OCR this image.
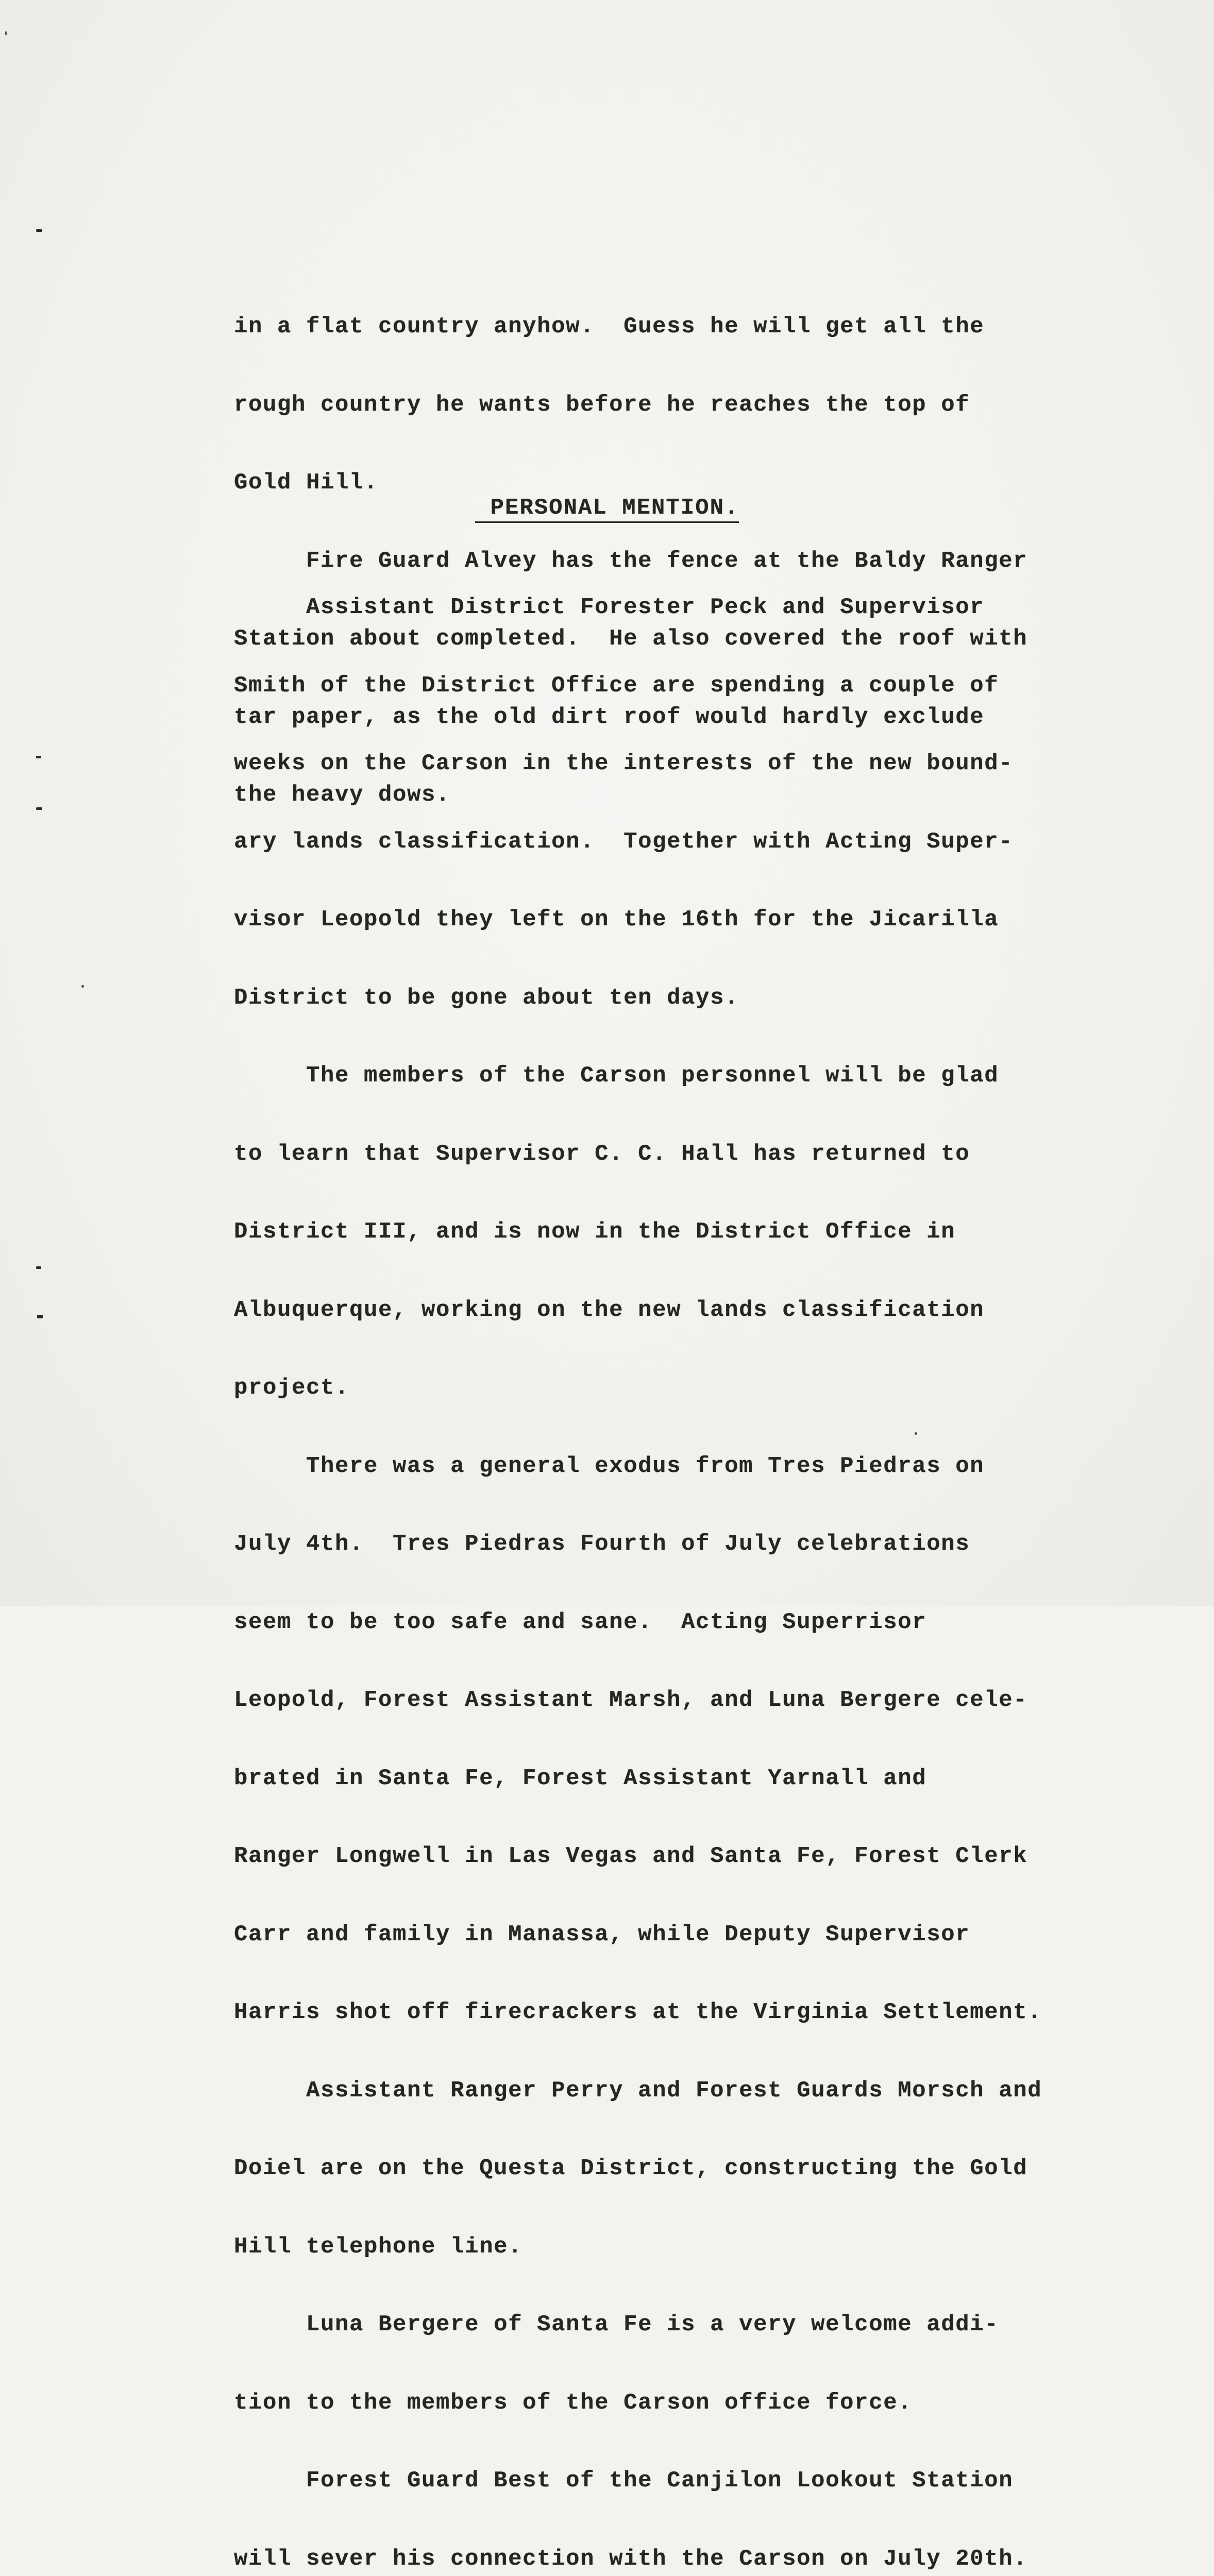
in a flat country anyhow.  Guess he will get all the

rough country he wants before he reaches the top of

Gold Hill.

Fire Guard Alvey has the fence at the Baldy Ranger

Station about completed.  He also covered the roof with

tar paper, as the old dirt roof would hardly exclude

the heavy dows.

PERSONAL MENTION.

Assistant District Forester Peck and Supervisor

Smith of the District Office are spending a couple of

weeks on the Carson in the interests of the new bound-

ary lands classification.  Together with Acting Super-

visor Leopold they left on the 16th for the Jicarilla

District to be gone about ten days.

The members of the Carson personnel will be glad

to learn that Supervisor C. C. Hall has returned to

District III, and is now in the District Office in

Albuquerque, working on the new lands classification

project.

There was a general exodus from Tres Piedras on

July 4th.  Tres Piedras Fourth of July celebrations

seem to be too safe and sane.  Acting Superrisor

Leopold, Forest Assistant Marsh, and Luna Bergere cele-

brated in Santa Fe, Forest Assistant Yarnall and

Ranger Longwell in Las Vegas and Santa Fe, Forest Clerk

Carr and family in Manassa, while Deputy Supervisor

Harris shot off firecrackers at the Virginia Settlement.

Assistant Ranger Perry and Forest Guards Morsch and

Doiel are on the Questa District, constructing the Gold

Hill telephone line.

Luna Bergere of Santa Fe is a very welcome addi-

tion to the members of the Carson office force.

Forest Guard Best of the Canjilon Lookout Station

will sever his connection with the Carson on July 20th.
